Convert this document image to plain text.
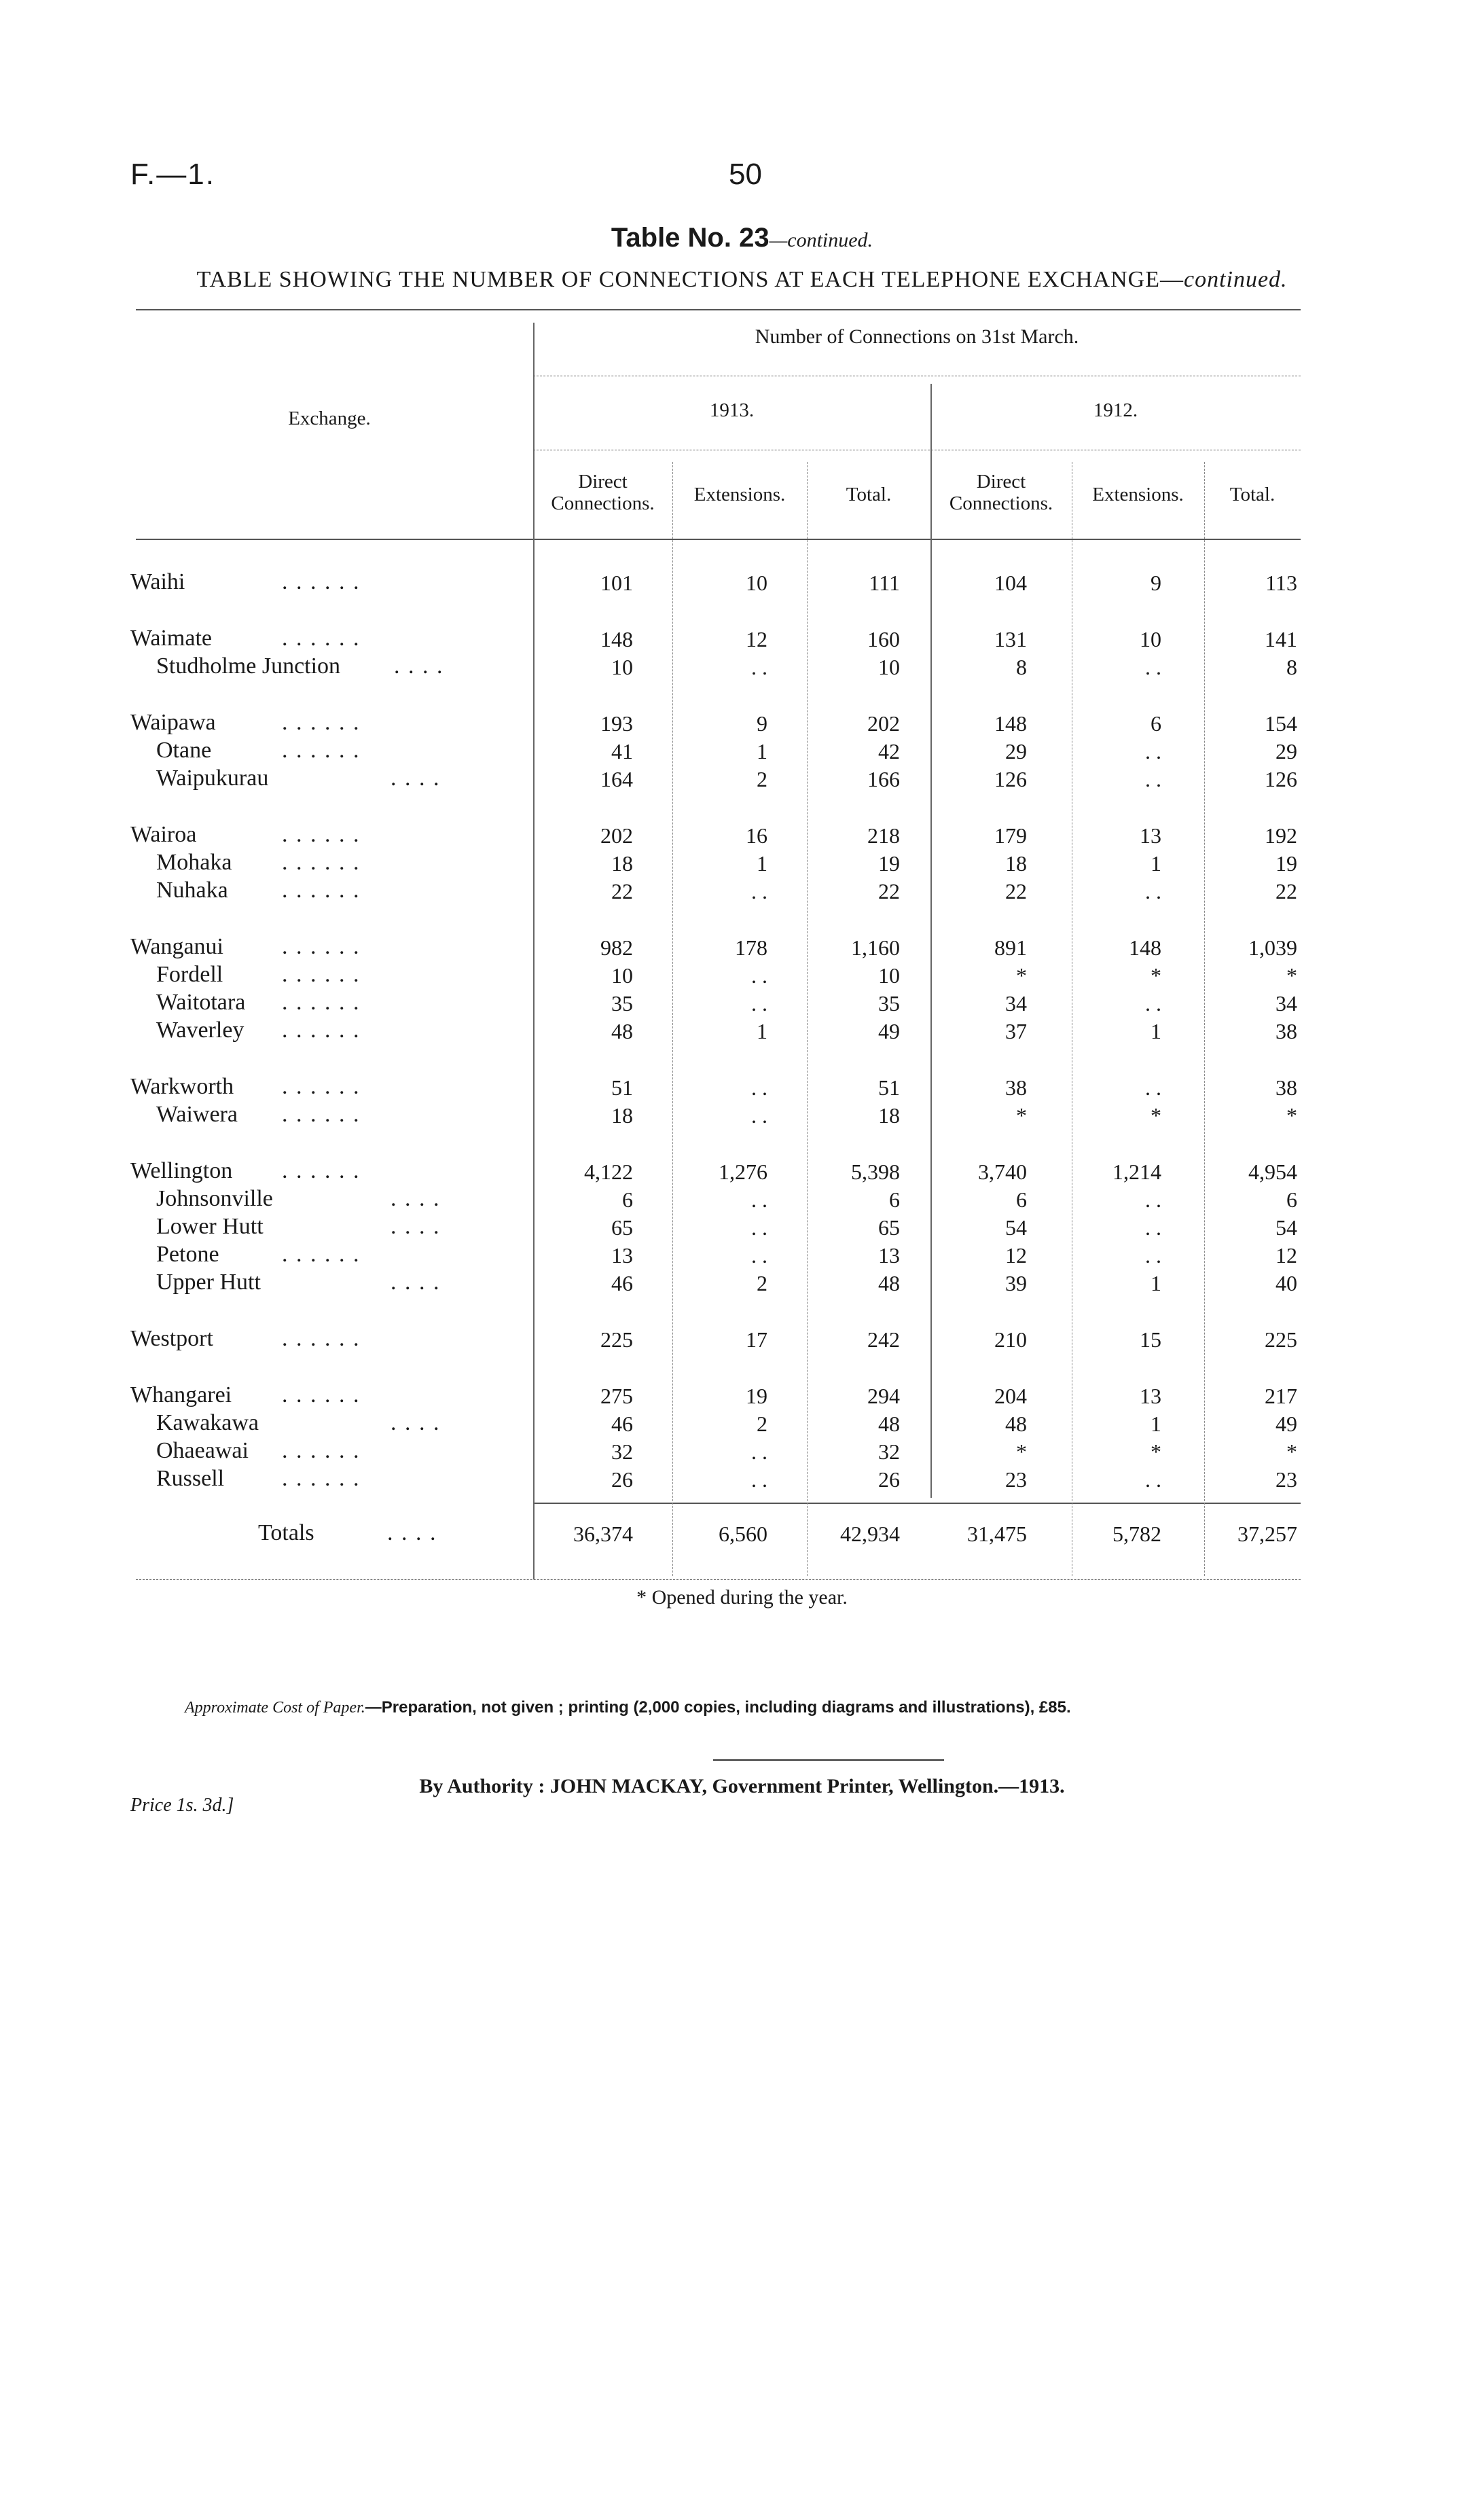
F.—1.	50
Table No. 23—continued.
TABLE SHOWING THE NUMBER OF CONNECTIONS AT EACH TELEPHONE EXCHANGE—continued.
* Opened during the year.
Approximate Cost of Paper.—Preparation, not given ; printing (2,000 copies, including diagrams and illustrations), £85.
By Authority : JOHN MACKAY, Government Printer, Wellington.—1913.
Price 1s. 3d.]
Exchange.
Number of Connections on 31st March.
1913.	1912.
Direct Connections.	Extensions.	Total.
Direct Connections.	Extensions.	Total.
Waihi	. . . . . .	101	10	111	104	9	113
Waimate	. . . . . .	148	12	160	131	10	141
Studholme Junction . . . .	10	. .	10	8	. .	8
Waipawa	. . . . . .	193	9	202	148	6	154
Otane	. . . . . .	41	1	42	29	. .	29
Waipukurau	. . . .	164	2	166	126	. .	126
Wairoa	. . . . . .	202	16	218	179	13	192
Mohaka . . . . . .	18	1	19	18	1	19
Nuhaka . . . . . .	22	. .	22	22	. .	22
Wanganui	. . . . . .	982	178	1,160	891	148	1,039
Fordell	. . . . . .	10	. .	10	*	*	*
Waitotara . . . . . .	35	. .	35	34	. .	34
Waverley . . . . . .	48	1	49	37	1	38
Warkworth . . . . . .	51	. .	51	38	. .	38
Waiwera . . . . . .	18	. .	18	*	*	*
Wellington . . . . . .	4,122	1,276	5,398	3,740	1,214	4,954
Johnsonville	. . . .	6	. .	6	6	. .	6
Lower Hutt	. . . .	65	. .	65	54	. .	54
Petone	. . . . . .	13	. .	13	12	. .	12
Upper Hutt	. . . .	46	2	48	39	1	40
Westport	. . . . . .	225	17	242	210	15	225
Whangarei . . . . . .	275	19	294	204	13	217
Kawakawa	. . . .	46	2	48	48	1	49
Ohaeawai . . . . . .	32	. .	32	*	*	*
Russell . . . . . .	26	. .	26	23	. .	23
Totals	. . . .	36,374	6,560	42,934	31,475	5,782	37,257
